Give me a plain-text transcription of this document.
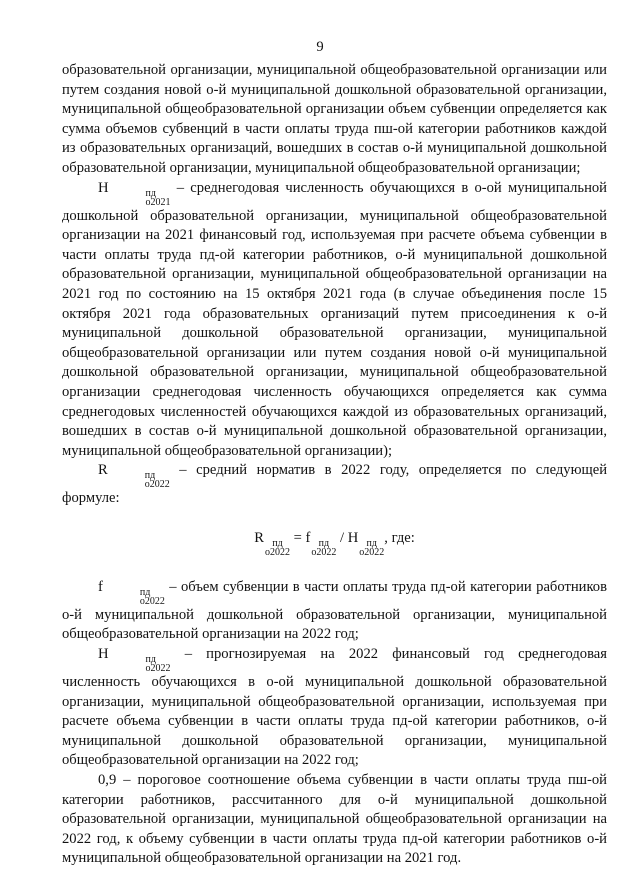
9

образовательной организации, муниципальной общеобразовательной организации или путем создания новой о-й муниципальной дошкольной образовательной организации, муниципальной общеобразовательной организации объем субвенции определяется как сумма объемов субвенций в части оплаты труда пш-ой категории работников каждой из образовательных организаций, вошедших в состав о-й муниципальной дошкольной образовательной организации, муниципальной общеобразовательной организации;

H	пд
o2021
– среднегодовая численность обучающихся в о-ой муниципальной дошкольной образовательной организации, муниципальной общеобразовательной организации на 2021 финансовый год, используемая при расчете объема субвенции в части оплаты труда пд-ой категории работников, о-й муниципальной дошкольной образовательной организации, муниципальной общеобразовательной организации на 2021 год по состоянию на 15 октября 2021 года (в случае объединения после 15 октября 2021 года образовательных организаций путем присоединения к о-й муниципальной дошкольной образовательной организации, муниципальной общеобразовательной организации или путем создания новой о-й муниципальной дошкольной образовательной организации, муниципальной общеобразовательной организации среднегодовая численность обучающихся определяется как сумма среднегодовых численностей обучающихся каждой из образовательных организаций, вошедших в состав о-й муниципальной дошкольной образовательной организации, муниципальной общеобразовательной организации);

R	пд
o2022
– средний норматив в 2022 году, определяется по следующей формуле:

R пд
o2022
= f пд
o2022
/ H пд
o2022
, где:

f	пд
o2022
– объем субвенции в части оплаты труда пд-ой категории работников о-й муниципальной дошкольной образовательной организации, муниципальной общеобразовательной организации на 2022 год;

H	пд
o2022
– прогнозируемая на 2022 финансовый год среднегодовая численность обучающихся в о-ой муниципальной дошкольной образовательной организации, муниципальной общеобразовательной организации, используемая при расчете объема субвенции в части оплаты труда пд-ой категории работников, о-й муниципальной дошкольной образовательной организации, муниципальной общеобразовательной организации на 2022 год;

0,9 – пороговое соотношение объема субвенции в части оплаты труда пш-ой категории работников, рассчитанного для о-й муниципальной дошкольной образовательной организации, муниципальной общеобразовательной организации на 2022 год, к объему субвенции в части оплаты труда пд-ой категории работников о-й муниципальной общеобразовательной организации на 2021 год.
